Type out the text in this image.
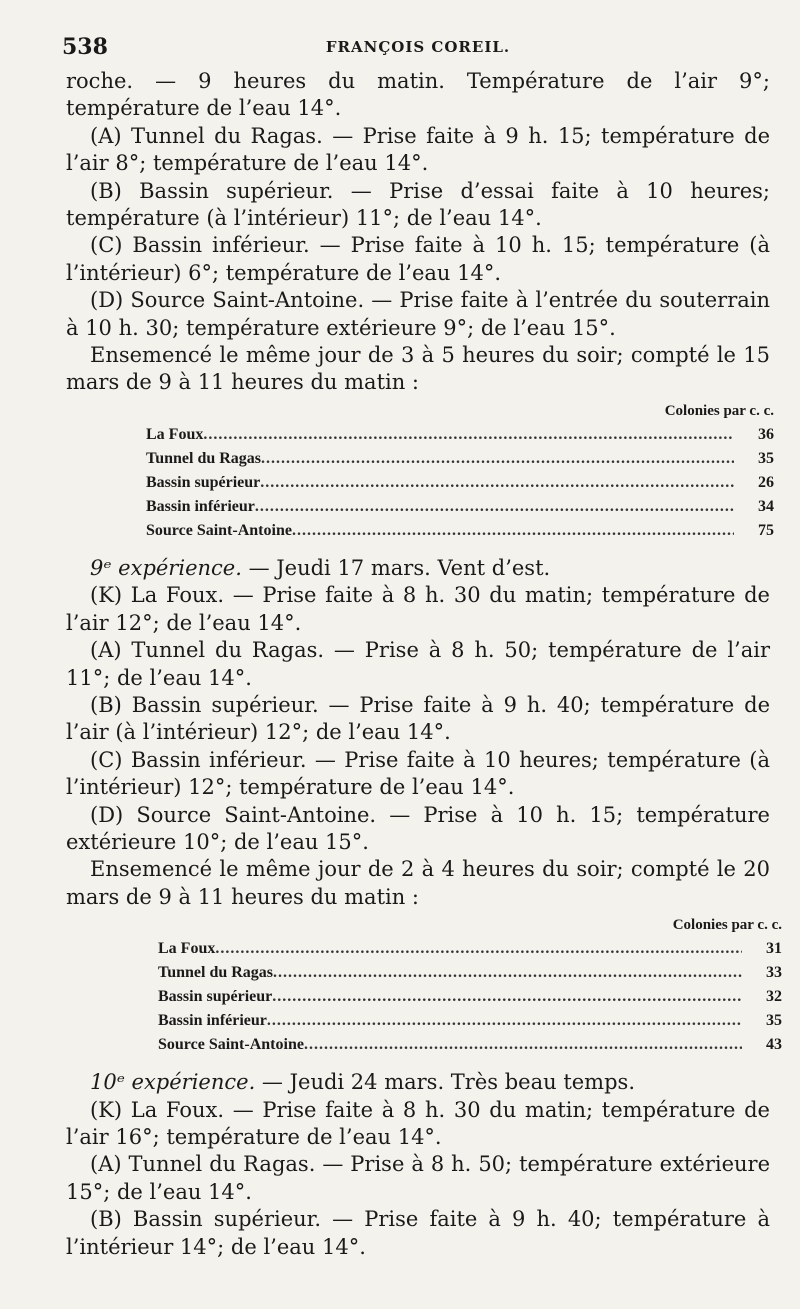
538	FRANÇOIS COREIL.

roche. — 9 heures du matin. Température de l’air 9°; température de l’eau 14°.

(A) Tunnel du Ragas. — Prise faite à 9 h. 15; température de l’air 8°; température de l’eau 14°.

(B) Bassin supérieur. — Prise d’essai faite à 10 heures; température (à l’intérieur) 11°; de l’eau 14°.

(C) Bassin inférieur. — Prise faite à 10 h. 15; température (à l’intérieur) 6°; température de l’eau 14°.

(D) Source Saint-Antoine. — Prise faite à l’entrée du souterrain à 10 h. 30; température extérieure 9°; de l’eau 15°.

Ensemencé le même jour de 3 à 5 heures du soir; compté le 15 mars de 9 à 11 heures du matin :

Colonies par c. c.
La Foux .....	36
Tunnel du Ragas .....	35
Bassin supérieur .....	26
Bassin inférieur .....	34
Source Saint-Antoine .....	75

9ᵉ expérience. — Jeudi 17 mars. Vent d’est.

(K) La Foux. — Prise faite à 8 h. 30 du matin; température de l’air 12°; de l’eau 14°.

(A) Tunnel du Ragas. — Prise à 8 h. 50; température de l’air 11°; de l’eau 14°.

(B) Bassin supérieur. — Prise faite à 9 h. 40; température de l’air (à l’intérieur) 12°; de l’eau 14°.

(C) Bassin inférieur. — Prise faite à 10 heures; température (à l’intérieur) 12°; température de l’eau 14°.

(D) Source Saint-Antoine. — Prise à 10 h. 15; température extérieure 10°; de l’eau 15°.

Ensemencé le même jour de 2 à 4 heures du soir; compté le 20 mars de 9 à 11 heures du matin :

Colonies par c. c.
La Foux .....	31
Tunnel du Ragas .....	33
Bassin supérieur .....	32
Bassin inférieur .....	35
Source Saint-Antoine .....	43

10ᵉ expérience. — Jeudi 24 mars. Très beau temps.

(K) La Foux. — Prise faite à 8 h. 30 du matin; température de l’air 16°; température de l’eau 14°.

(A) Tunnel du Ragas. — Prise à 8 h. 50; température extérieure 15°; de l’eau 14°.

(B) Bassin supérieur. — Prise faite à 9 h. 40; température à l’intérieur 14°; de l’eau 14°.
